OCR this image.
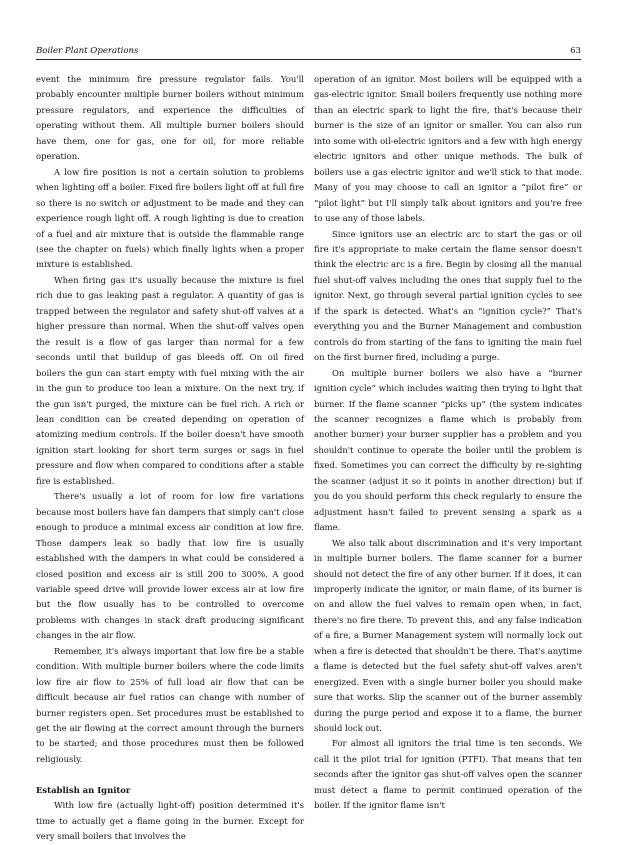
Boiler Plant Operations	63

event the minimum fire pressure regulator fails. You'll probably encounter multiple burner boilers without minimum pressure regulators, and experience the difficulties of operating without them. All multiple burner boilers should have them, one for gas, one for oil, for more reliable operation.

A low fire position is not a certain solution to problems when lighting off a boiler. Fixed fire boilers light off at full fire so there is no switch or adjustment to be made and they can experience rough light off. A rough lighting is due to creation of a fuel and air mixture that is outside the flammable range (see the chapter on fuels) which finally lights when a proper mixture is established.

When firing gas it's usually because the mixture is fuel rich due to gas leaking past a regulator. A quantity of gas is trapped between the regulator and safety shut-off valves at a higher pressure than normal. When the shut-off valves open the result is a flow of gas larger than normal for a few seconds until that buildup of gas bleeds off. On oil fired boilers the gun can start empty with fuel mixing with the air in the gun to produce too lean a mixture. On the next try, if the gun isn't purged, the mixture can be fuel rich. A rich or lean condition can be created depending on operation of atomizing medium controls. If the boiler doesn't have smooth ignition start looking for short term surges or sags in fuel pressure and flow when compared to conditions after a stable fire is established.

There's usually a lot of room for low fire variations because most boilers have fan dampers that simply can't close enough to produce a minimal excess air condition at low fire. Those dampers leak so badly that low fire is usually established with the dampers in what could be considered a closed position and excess air is still 200 to 300%. A good variable speed drive will provide lower excess air at low fire but the flow usually has to be controlled to overcome problems with changes in stack draft producing significant changes in the air flow.

Remember, it's always important that low fire be a stable condition. With multiple burner boilers where the code limits low fire air flow to 25% of full load air flow that can be difficult because air fuel ratios can change with number of burner registers open. Set procedures must be established to get the air flowing at the correct amount through the burners to be started; and those procedures must then be followed religiously.

Establish an Ignitor

With low fire (actually light-off) position determined it's time to actually get a flame going in the burner. Except for very small boilers that involves the

operation of an ignitor. Most boilers will be equipped with a gas-electric ignitor. Small boilers frequently use nothing more than an electric spark to light the fire, that's because their burner is the size of an ignitor or smaller. You can also run into some with oil-electric ignitors and a few with high energy electric ignitors and other unique methods. The bulk of boilers use a gas electric ignitor and we'll stick to that mode. Many of you may choose to call an ignitor a “pilot fire” or “pilot light” but I'll simply talk about ignitors and you're free to use any of those labels.

Since ignitors use an electric arc to start the gas or oil fire it's appropriate to make certain the flame sensor doesn't think the electric arc is a fire. Begin by closing all the manual fuel shut-off valves including the ones that supply fuel to the ignitor. Next, go through several partial ignition cycles to see if the spark is detected. What's an “ignition cycle?” That's everything you and the Burner Management and combustion controls do from starting of the fans to igniting the main fuel on the first burner fired, including a purge.

On multiple burner boilers we also have a “burner ignition cycle” which includes waiting then trying to light that burner. If the flame scanner “picks up” (the system indicates the scanner recognizes a flame which is probably from another burner) your burner supplier has a problem and you shouldn't continue to operate the boiler until the problem is fixed. Sometimes you can correct the difficulty by re-sighting the scanner (adjust it so it points in another direction) but if you do you should perform this check regularly to ensure the adjustment hasn't failed to prevent sensing a spark as a flame.

We also talk about discrimination and it's very important in multiple burner boilers. The flame scanner for a burner should not detect the fire of any other burner. If it does, it can improperly indicate the ignitor, or main flame, of its burner is on and allow the fuel valves to remain open when, in fact, there's no fire there. To prevent this, and any false indication of a fire, a Burner Management system will normally lock out when a fire is detected that shouldn't be there. That's anytime a flame is detected but the fuel safety shut-off valves aren't energized. Even with a single burner boiler you should make sure that works. Slip the scanner out of the burner assembly during the purge period and expose it to a flame, the burner should lock out.

For almost all ignitors the trial time is ten seconds. We call it the pilot trial for ignition (PTFI). That means that ten seconds after the ignitor gas shut-off valves open the scanner must detect a flame to permit continued operation of the boiler. If the ignitor flame isn't
